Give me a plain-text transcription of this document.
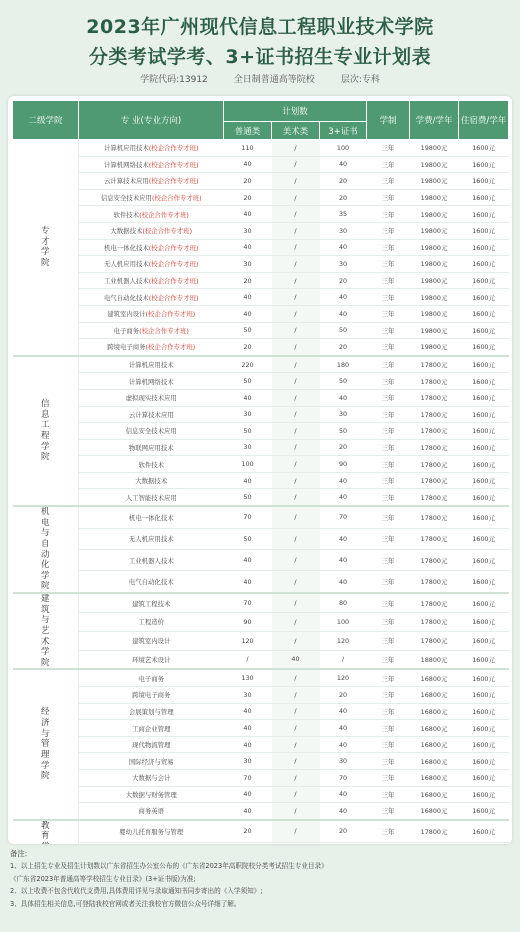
2023年广州现代信息工程职业技术学院
分类考试学考、3+证书招生专业计划表
学院代码:13912	全日制普通高等院校	层次:专科
二级学院	专 业(专业方向)	计划数			学制	学费/学年	住宿费/学年
		普通类	美术类	3+证书			

专才学院	计算机应用技术(校企合作专才班)	110	/	100	三年	19800元	1600元
	计算机网络技术(校企合作专才班)	40	/	40	三年	19800元	1600元
	云计算技术应用(校企合作专才班)	20	/	20	三年	19800元	1600元
	信息安全技术应用(校企合作专才班)	20	/	20	三年	19800元	1600元
	软件技术(校企合作专才班)	40	/	35	三年	19800元	1600元
	大数据技术(校企合作专才班)	30	/	30	三年	19800元	1600元
	机电一体化技术(校企合作专才班)	40	/	40	三年	19800元	1600元
	无人机应用技术(校企合作专才班)	30	/	30	三年	19800元	1600元
	工业机器人技术(校企合作专才班)	20	/	20	三年	19800元	1600元
	电气自动化技术(校企合作专才班)	40	/	40	三年	19800元	1600元
	建筑室内设计(校企合作专才班)	40	/	40	三年	19800元	1600元
	电子商务(校企合作专才班)	50	/	50	三年	19800元	1600元
	跨境电子商务(校企合作专才班)	20	/	20	三年	19800元	1600元

信息工程学院	计算机应用技术	220	/	180	三年	17800元	1600元
	计算机网络技术	50	/	50	三年	17800元	1600元
	虚拟现实技术应用	40	/	40	三年	17800元	1600元
	云计算技术应用	30	/	30	三年	17800元	1600元
	信息安全技术应用	50	/	50	三年	17800元	1600元
	物联网应用技术	30	/	20	三年	17800元	1600元
	软件技术	100	/	90	三年	17800元	1600元
	大数据技术	40	/	40	三年	17800元	1600元
	人工智能技术应用	50	/	40	三年	17800元	1600元

机电与自动化学院	机电一体化技术	70	/	70	三年	17800元	1600元
	无人机应用技术	50	/	40	三年	17800元	1600元
	工业机器人技术	40	/	40	三年	17800元	1600元
	电气自动化技术	40	/	40	三年	17800元	1600元

建筑与艺术学院	建筑工程技术	70	/	80	三年	17800元	1600元
	工程造价	90	/	100	三年	17800元	1600元
	建筑室内设计	120	/	120	三年	17800元	1600元
	环境艺术设计	/	40	/	三年	18800元	1600元

经济与管理学院	电子商务	130	/	120	三年	16800元	1600元
	跨境电子商务	30	/	20	三年	16800元	1600元
	会展策划与管理	40	/	40	三年	16800元	1600元
	工商企业管理	40	/	40	三年	16800元	1600元
	现代物流管理	40	/	40	三年	16800元	1600元
	国际经济与贸易	30	/	30	三年	16800元	1600元
	大数据与会计	70	/	70	三年	16800元	1600元
	大数据与财务管理	40	/	40	三年	16800元	1600元
	商务英语	40	/	40	三年	16800元	1600元

教育	婴幼儿托育服务与管理	20	/	20	三年	17800元	1600元

备注:
1、以上招生专业及招生计划数以广东省招生办公室公布的《广东省2023年高职院校分类考试招生专业目录》
《广东省2023年普通高等学校招生专业目录》(3+证书版)为准;
2、以上收费不包含代收代支费用,具体费用详见与录取通知书同步寄出的《入学须知》;
3、具体招生相关信息,可登陆我校官网或者关注我校官方微信公众号详细了解。
